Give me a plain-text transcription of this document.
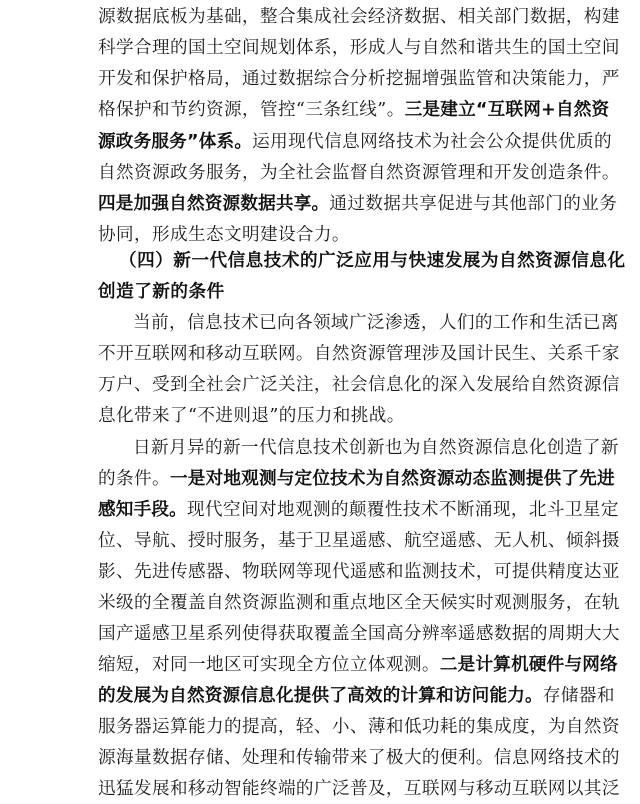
源数据底板为基础，整合集成社会经济数据、相关部门数据，构建
科学合理的国土空间规划体系，形成人与自然和谐共生的国土空间
开发和保护格局，通过数据综合分析挖掘增强监管和决策能力，严
格保护和节约资源，管控“三条红线”。三是建立“互联网+自然资
源政务服务”体系。运用现代信息网络技术为社会公众提供优质的
自然资源政务服务，为全社会监督自然资源管理和开发创造条件。
四是加强自然资源数据共享。通过数据共享促进与其他部门的业务
协同，形成生态文明建设合力。
（四）新一代信息技术的广泛应用与快速发展为自然资源信息化
创造了新的条件
当前，信息技术已向各领域广泛渗透，人们的工作和生活已离
不开互联网和移动互联网。自然资源管理涉及国计民生、关系千家
万户、受到全社会广泛关注，社会信息化的深入发展给自然资源信
息化带来了“不进则退”的压力和挑战。
日新月异的新一代信息技术创新也为自然资源信息化创造了新
的条件。一是对地观测与定位技术为自然资源动态监测提供了先进
感知手段。现代空间对地观测的颠覆性技术不断涌现，北斗卫星定
位、导航、授时服务，基于卫星遥感、航空遥感、无人机、倾斜摄
影、先进传感器、物联网等现代遥感和监测技术，可提供精度达亚
米级的全覆盖自然资源监测和重点地区全天候实时观测服务，在轨
国产遥感卫星系列使得获取覆盖全国高分辨率遥感数据的周期大大
缩短，对同一地区可实现全方位立体观测。二是计算机硬件与网络
的发展为自然资源信息化提供了高效的计算和访问能力。存储器和
服务器运算能力的提高，轻、小、薄和低功耗的集成度，为自然资
源海量数据存储、处理和传输带来了极大的便利。信息网络技术的
迅猛发展和移动智能终端的广泛普及，互联网与移动互联网以其泛
